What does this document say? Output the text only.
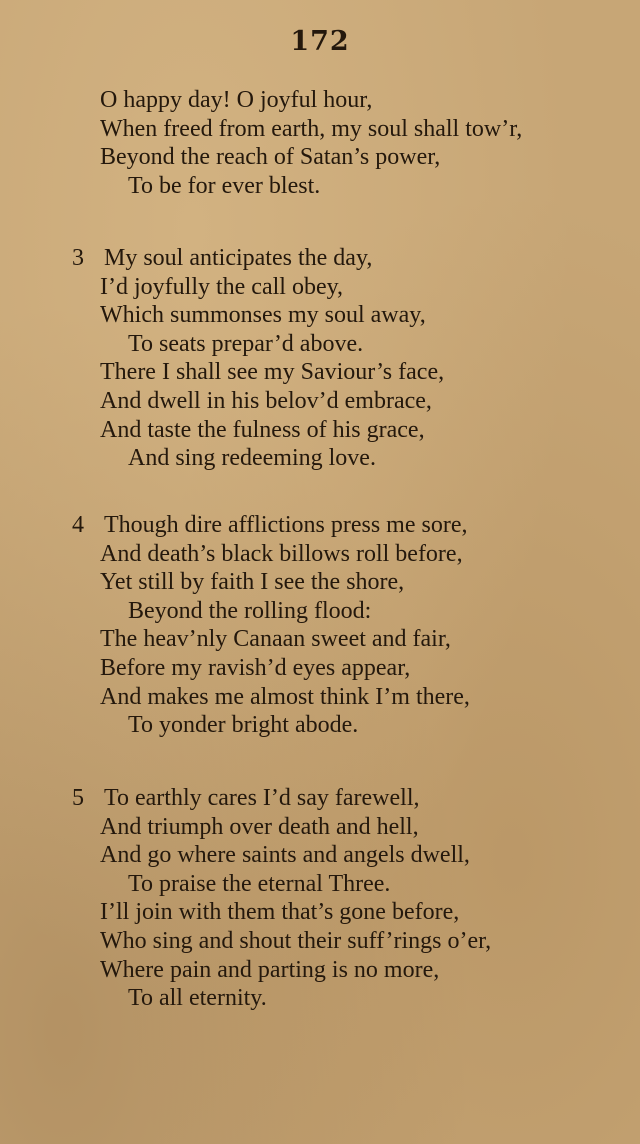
172
O happy day! O joyful hour,
When freed from earth, my soul shall tow’r,
Beyond the reach of Satan’s power,
To be for ever blest.
3 My soul anticipates the day,
I’d joyfully the call obey,
Which summonses my soul away,
To seats prepar’d above.
There I shall see my Saviour’s face,
And dwell in his belov’d embrace,
And taste the fulness of his grace,
And sing redeeming love.
4 Though dire afflictions press me sore,
And death’s black billows roll before,
Yet still by faith I see the shore,
Beyond the rolling flood:
The heav’nly Canaan sweet and fair,
Before my ravish’d eyes appear,
And makes me almost think I’m there,
To yonder bright abode.
5 To earthly cares I’d say farewell,
And triumph over death and hell,
And go where saints and angels dwell,
To praise the eternal Three.
I’ll join with them that’s gone before,
Who sing and shout their suff’rings o’er,
Where pain and parting is no more,
To all eternity.
